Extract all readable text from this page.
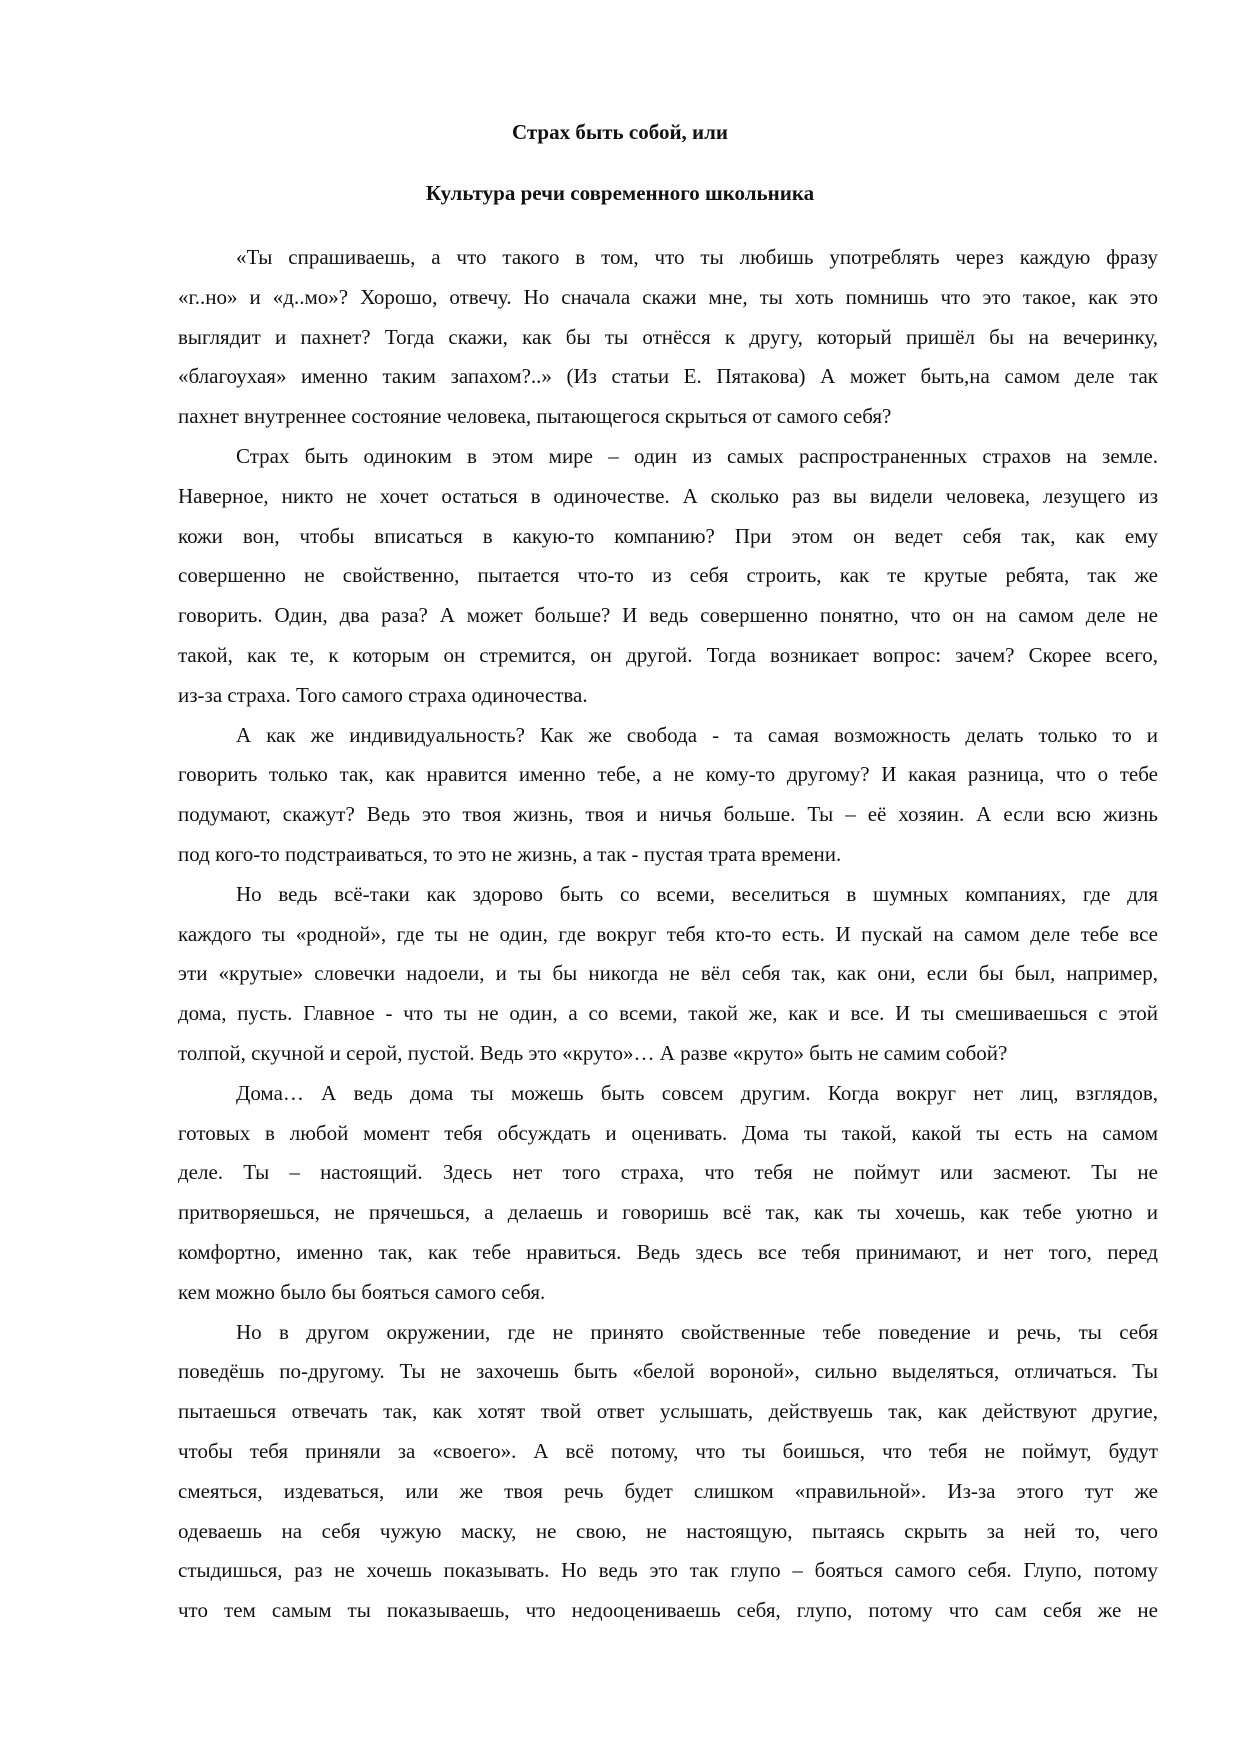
Страх быть собой, или
Культура речи современного школьника
«Ты спрашиваешь, а что такого в том, что ты любишь употреблять через каждую фразу
«г..но» и «д..мо»? Хорошо, отвечу. Но сначала скажи мне, ты хоть помнишь что это такое, как это
выглядит и пахнет? Тогда скажи, как бы ты отнёсся к другу, который пришёл бы на вечеринку,
«благоухая» именно таким запахом?..» (Из статьи Е. Пятакова) А может быть,на самом деле так
пахнет внутреннее состояние человека, пытающегося скрыться от самого себя?
Страх быть одиноким в этом мире – один из самых распространенных страхов на земле.
Наверное, никто не хочет остаться в одиночестве. А сколько раз вы видели человека, лезущего из
кожи вон, чтобы вписаться в какую-то компанию? При этом он ведет себя так, как ему
совершенно не свойственно, пытается что-то из себя строить, как те крутые ребята, так же
говорить. Один, два раза? А может больше? И ведь совершенно понятно, что он на самом деле не
такой, как те, к которым он стремится, он другой. Тогда возникает вопрос: зачем? Скорее всего,
из-за страха. Того самого страха одиночества.
А как же индивидуальность? Как же свобода - та самая возможность делать только то и
говорить только так, как нравится именно тебе, а не кому-то другому? И какая разница, что о тебе
подумают, скажут? Ведь это твоя жизнь, твоя и ничья больше. Ты – её хозяин. А если всю жизнь
под кого-то подстраиваться, то это не жизнь, а так - пустая трата времени.
Но ведь всё-таки как здорово быть со всеми, веселиться в шумных компаниях, где для
каждого ты «родной», где ты не один, где вокруг тебя кто-то есть. И пускай на самом деле тебе все
эти «крутые» словечки надоели, и ты бы никогда не вёл себя так, как они, если бы был, например,
дома, пусть. Главное - что ты не один, а со всеми, такой же, как и все. И ты смешиваешься с этой
толпой, скучной и серой, пустой. Ведь это «круто»… А разве «круто» быть не самим собой?
Дома… А ведь дома ты можешь быть совсем другим. Когда вокруг нет лиц, взглядов,
готовых в любой момент тебя обсуждать и оценивать. Дома ты такой, какой ты есть на самом
деле. Ты – настоящий. Здесь нет того страха, что тебя не поймут или засмеют. Ты не
притворяешься, не прячешься, а делаешь и говоришь всё так, как ты хочешь, как тебе уютно и
комфортно, именно так, как тебе нравиться. Ведь здесь все тебя принимают, и нет того, перед
кем можно было бы бояться самого себя.
Но в другом окружении, где не принято свойственные тебе поведение и речь, ты себя
поведёшь по-другому. Ты не захочешь быть «белой вороной», сильно выделяться, отличаться. Ты
пытаешься отвечать так, как хотят твой ответ услышать, действуешь так, как действуют другие,
чтобы тебя приняли за «своего». А всё потому, что ты боишься, что тебя не поймут, будут
смеяться, издеваться, или же твоя речь будет слишком «правильной». Из-за этого тут же
одеваешь на себя чужую маску, не свою, не настоящую, пытаясь скрыть за ней то, чего
стыдишься, раз не хочешь показывать. Но ведь это так глупо – бояться самого себя. Глупо, потому
что тем самым ты показываешь, что недооцениваешь себя, глупо, потому что сам себя же не
